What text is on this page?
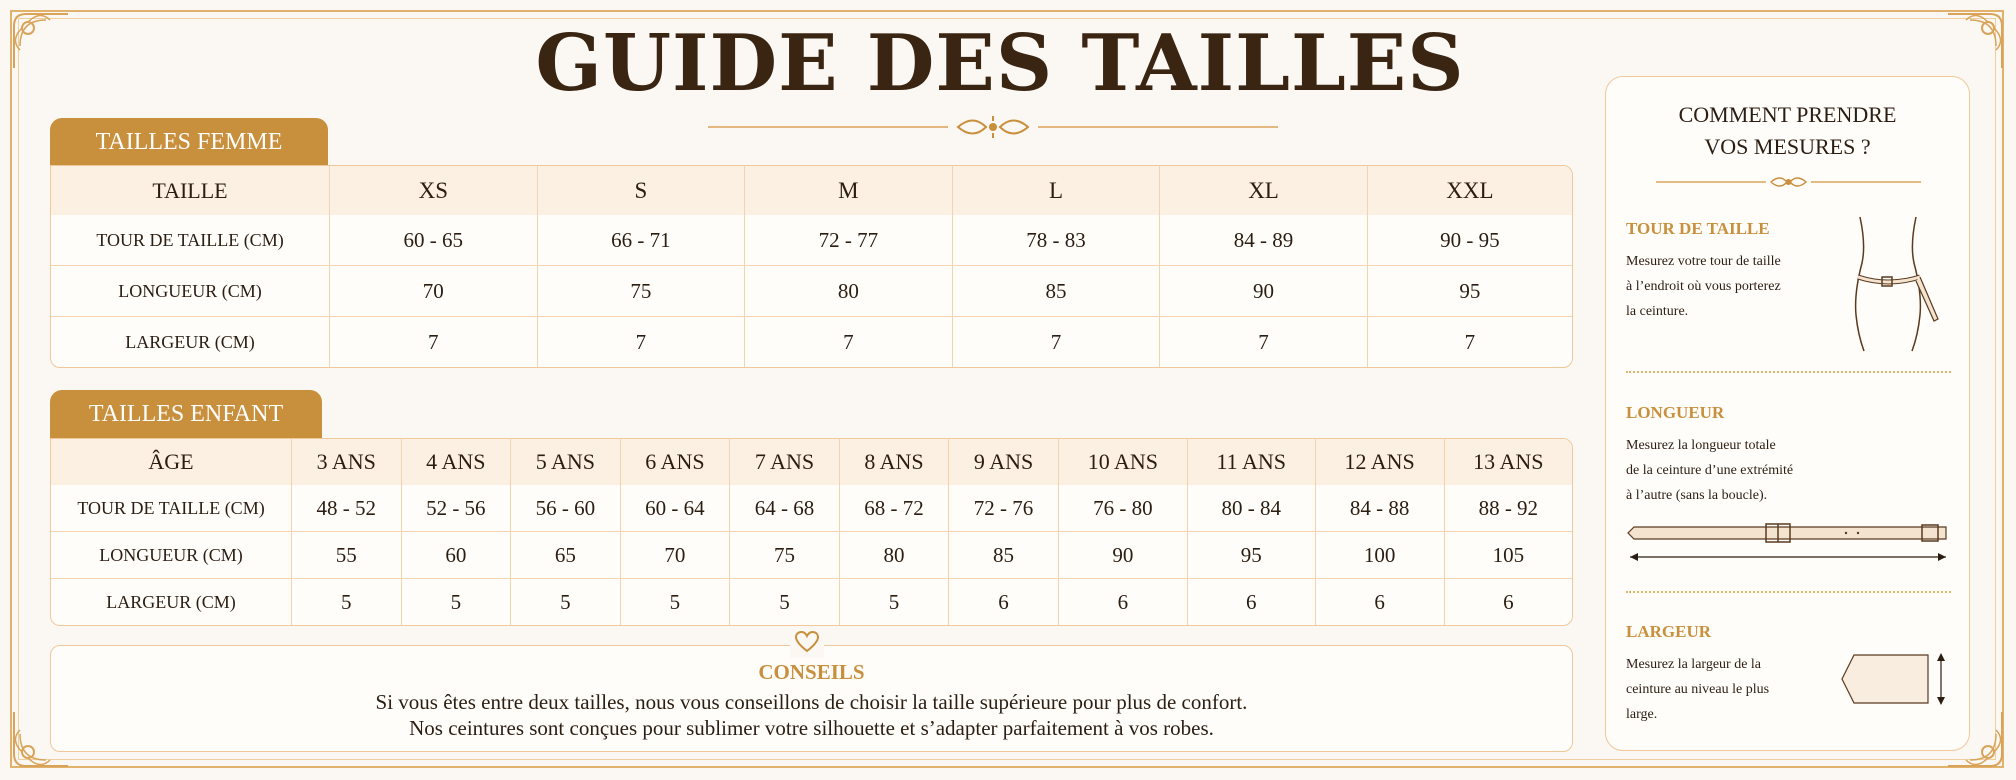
GUIDE DES TAILLES
TAILLES FEMME
TAILLE	XS	S	M	L	XL	XXL
TOUR DE TAILLE (CM)	60 - 65	66 - 71	72 - 77	78 - 83	84 - 89	90 - 95
LONGUEUR (CM)	70	75	80	85	90	95
LARGEUR (CM)	7	7	7	7	7	7
TAILLES ENFANT
ÂGE	3 ANS	4 ANS	5 ANS	6 ANS	7 ANS	8 ANS	9 ANS	10 ANS	11 ANS	12 ANS	13 ANS
TOUR DE TAILLE (CM)	48 - 52	52 - 56	56 - 60	60 - 64	64 - 68	68 - 72	72 - 76	76 - 80	80 - 84	84 - 88	88 - 92
LONGUEUR (CM)	55	60	65	70	75	80	85	90	95	100	105
LARGEUR (CM)	5	5	5	5	5	5	6	6	6	6	6
CONSEILS
Si vous êtes entre deux tailles, nous vous conseillons de choisir la taille supérieure pour plus de confort.
Nos ceintures sont conçues pour sublimer votre silhouette et s’adapter parfaitement à vos robes.
COMMENT PRENDRE
VOS MESURES ?
TOUR DE TAILLE
Mesurez votre tour de taille
à l’endroit où vous porterez
la ceinture.
LONGUEUR
Mesurez la longueur totale
de la ceinture d’une extrémité
à l’autre (sans la boucle).
LARGEUR
Mesurez la largeur de la
ceinture au niveau le plus
large.
